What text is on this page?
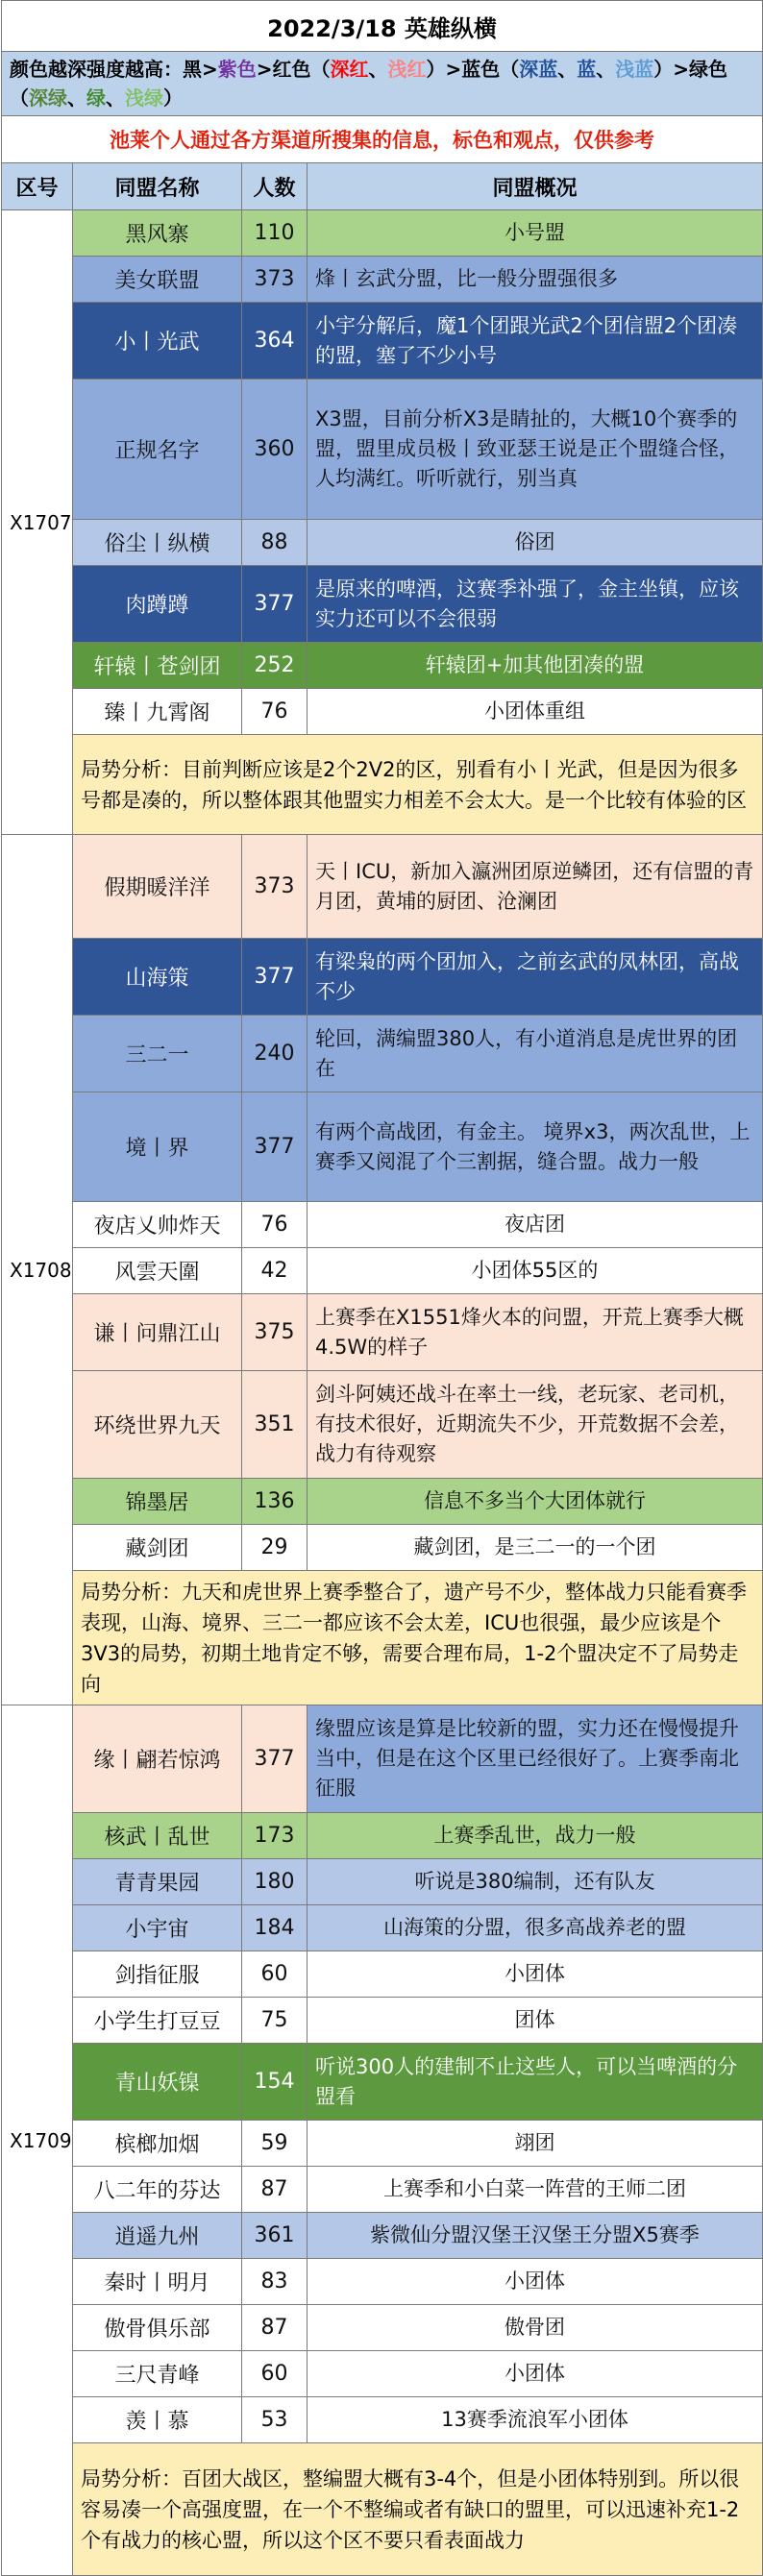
2022/3/18 英雄纵横			
颜色越深强度越高：黑>紫色>红色（深红、浅红）>蓝色（深蓝、蓝、浅蓝）>绿色（深绿、绿、浅绿）			
池莱个人通过各方渠道所搜集的信息，标色和观点，仅供参考			
区号	同盟名称	人数	同盟概况
X1707	黑风寨	110	小号盟
	美女联盟	373	烽丨玄武分盟，比一般分盟强很多
	小丨光武	364	小宇分解后，魔1个团跟光武2个团信盟2个团凑的盟，塞了不少小号
	正规名字	360	X3盟，目前分析X3是睛扯的，大概10个赛季的盟，盟里成员极丨致亚瑟王说是正个盟缝合怪，人均满红。听听就行，别当真
	俗尘丨纵横	88	俗团
	肉蹲蹲	377	是原来的啤酒，这赛季补强了，金主坐镇，应该实力还可以不会很弱
	轩辕丨苍剑团	252	轩辕团+加其他团凑的盟
	臻丨九霄阁	76	小团体重组
	局势分析：目前判断应该是2个2V2的区，别看有小丨光武，但是因为很多号都是凑的，所以整体跟其他盟实力相差不会太大。是一个比较有体验的区		
X1708	假期暖洋洋	373	天丨ICU，新加入瀛洲团原逆鳞团，还有信盟的青月团，黄埔的厨团、沧澜团
	山海策	377	有梁枭的两个团加入，之前玄武的凤林团，高战不少
	三二一	240	轮回，满编盟380人，有小道消息是虎世界的团在
	境丨界	377	有两个高战团，有金主。 境界x3，两次乱世，上赛季又阅混了个三割据，缝合盟。战力一般
	夜店乂帅炸天	76	夜店团
	风雲天圍	42	小团体55区的
	谦丨问鼎江山	375	上赛季在X1551烽火本的问盟，开荒上赛季大概4.5W的样子
	环绕世界九天	351	剑斗阿姨还战斗在率土一线，老玩家、老司机，有技术很好，近期流失不少，开荒数据不会差，战力有待观察
	锦墨居	136	信息不多当个大团体就行
	藏剑团	29	藏剑团，是三二一的一个团
	局势分析：九天和虎世界上赛季整合了，遗产号不少，整体战力只能看赛季表现，山海、境界、三二一都应该不会太差，ICU也很强，最少应该是个3V3的局势，初期土地肯定不够，需要合理布局，1-2个盟决定不了局势走向		
X1709	缘丨翩若惊鸿	377	缘盟应该是算是比较新的盟，实力还在慢慢提升当中，但是在这个区里已经很好了。上赛季南北征服
	核武丨乱世	173	上赛季乱世，战力一般
	青青果园	180	听说是380编制，还有队友
	小宇宙	184	山海策的分盟，很多高战养老的盟
	剑指征服	60	小团体
	小学生打豆豆	75	团体
	青山妖镍	154	听说300人的建制不止这些人，可以当啤酒的分盟看
	槟榔加烟	59	翊团
	八二年的芬达	87	上赛季和小白菜一阵营的王师二团
	逍遥九州	361	紫微仙分盟汉堡王汉堡王分盟X5赛季
	秦时丨明月	83	小团体
	傲骨俱乐部	87	傲骨团
	三尺青峰	60	小团体
	羡丨慕	53	13赛季流浪军小团体
	局势分析：百团大战区，整编盟大概有3-4个，但是小团体特别到。所以很容易凑一个高强度盟，在一个不整编或者有缺口的盟里，可以迅速补充1-2个有战力的核心盟，所以这个区不要只看表面战力		
